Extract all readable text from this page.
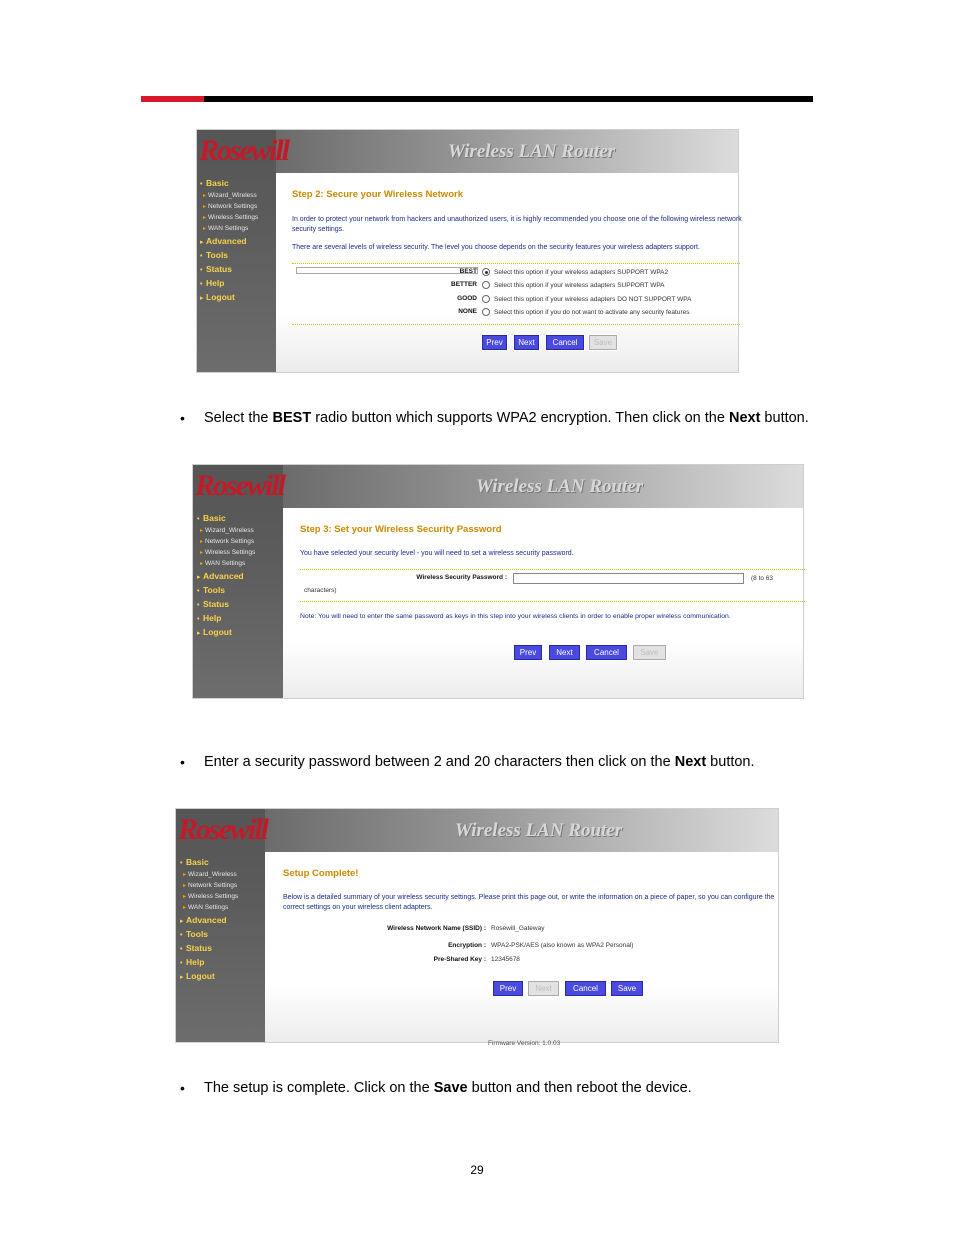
Rosewill	Wireless LAN Router
• Basic
▸ Wizard_Wireless
▸ Network Settings
▸ Wireless Settings
▸ WAN Settings
▸ Advanced
• Tools
• Status
• Help
▸ Logout
Step 2: Secure your Wireless Network
In order to protect your network from hackers and unauthorized users, it is highly recommended you choose one of the following wireless network security settings.
There are several levels of wireless security. The level you choose depends on the security features your wireless adapters support.
BEST	Select this option if your wireless adapters SUPPORT WPA2
BETTER	Select this option if your wireless adapters SUPPORT WPA
GOOD	Select this option if your wireless adapters DO NOT SUPPORT WPA
NONE	Select this option if you do not want to activate any security features
Prev	Next	Cancel	Save
• Select the BEST radio button which supports WPA2 encryption. Then click on the Next button.
Rosewill	Wireless LAN Router
• Basic
▸ Wizard_Wireless
▸ Network Settings
▸ Wireless Settings
▸ WAN Settings
▸ Advanced
• Tools
• Status
• Help
▸ Logout
Step 3: Set your Wireless Security Password
You have selected your security level - you will need to set a wireless security password.
Wireless Security Password :	(8 to 63
characters)
Note: You will need to enter the same password as keys in this step into your wireless clients in order to enable proper wireless communication.
Prev	Next	Cancel	Save
• Enter a security password between 2 and 20 characters then click on the Next button.
Rosewill	Wireless LAN Router
• Basic
▸ Wizard_Wireless
▸ Network Settings
▸ Wireless Settings
▸ WAN Settings
▸ Advanced
• Tools
• Status
• Help
▸ Logout
Setup Complete!
Below is a detailed summary of your wireless security settings. Please print this page out, or write the information on a piece of paper, so you can configure the correct settings on your wireless client adapters.
Wireless Network Name (SSID) : Rosewill_Gateway
Encryption : WPA2-PSK/AES (also known as WPA2 Personal)
Pre-Shared Key : 12345678
Prev	Next	Cancel	Save
Firmware Version: 1.0.03
• The setup is complete. Click on the Save button and then reboot the device.
29
